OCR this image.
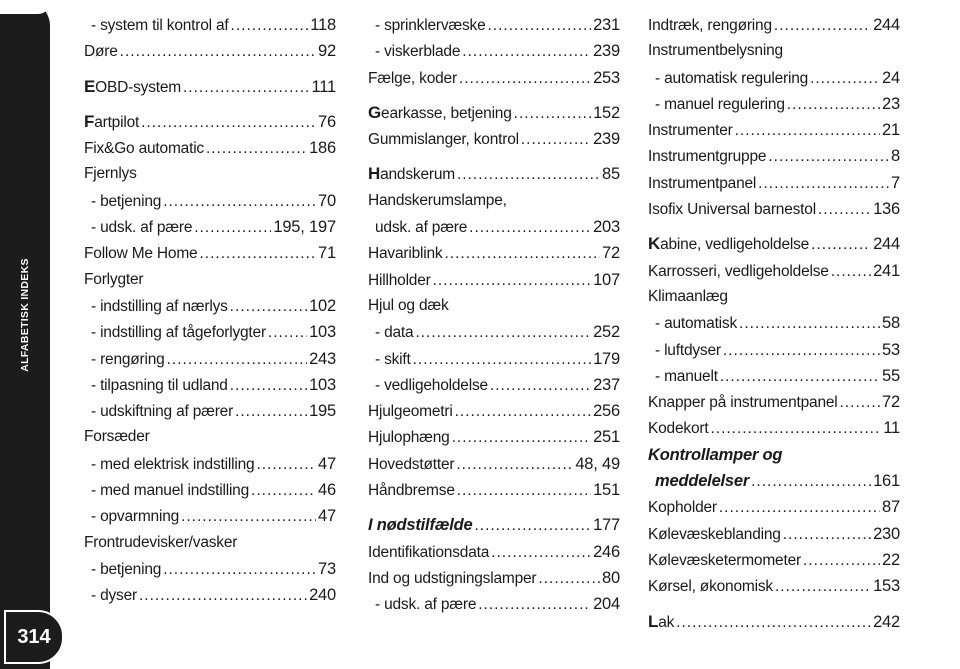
ALFABETISK INDEKS
314
- system til kontrol af .....	118
Døre .....	92
EOBD-system .....	111
Fartpilot .....	76
Fix&Go automatic .....	186
Fjernlys
- betjening .....	70
- udsk. af pære .....	195, 197
Follow Me Home .....	71
Forlygter
- indstilling af nærlys .....	102
- indstilling af tågeforlygter .....	103
- rengøring .....	243
- tilpasning til udland .....	103
- udskiftning af pærer .....	195
Forsæder
- med elektrisk indstilling .....	47
- med manuel indstilling .....	46
- opvarmning .....	47
Frontrudevisker/vasker
- betjening .....	73
- dyser .....	240
- sprinklervæske .....	231
- viskerblade .....	239
Fælge, koder .....	253
Gearkasse, betjening .....	152
Gummislanger, kontrol .....	239
Handskerum .....	85
Handskerumslampe,
udsk. af pære .....	203
Havariblink .....	72
Hillholder .....	107
Hjul og dæk
- data .....	252
- skift .....	179
- vedligeholdelse .....	237
Hjulgeometri .....	256
Hjulophæng .....	251
Hovedstøtter .....	48, 49
Håndbremse .....	151
I nødstilfælde .....	177
Identifikationsdata .....	246
Ind og udstigningslamper .....	80
- udsk. af pære .....	204
Indtræk, rengøring .....	244
Instrumentbelysning
- automatisk regulering .....	24
- manuel regulering .....	23
Instrumenter .....	21
Instrumentgruppe .....	8
Instrumentpanel .....	7
Isofix Universal barnestol .....	136
Kabine, vedligeholdelse .....	244
Karrosseri, vedligeholdelse .....	241
Klimaanlæg
- automatisk .....	58
- luftdyser .....	53
- manuelt .....	55
Knapper på instrumentpanel .....	72
Kodekort .....	11
Kontrollamper og
meddelelser .....	161
Kopholder .....	87
Kølevæskeblanding .....	230
Kølevæsketermometer .....	22
Kørsel, økonomisk .....	153
Lak .....	242
